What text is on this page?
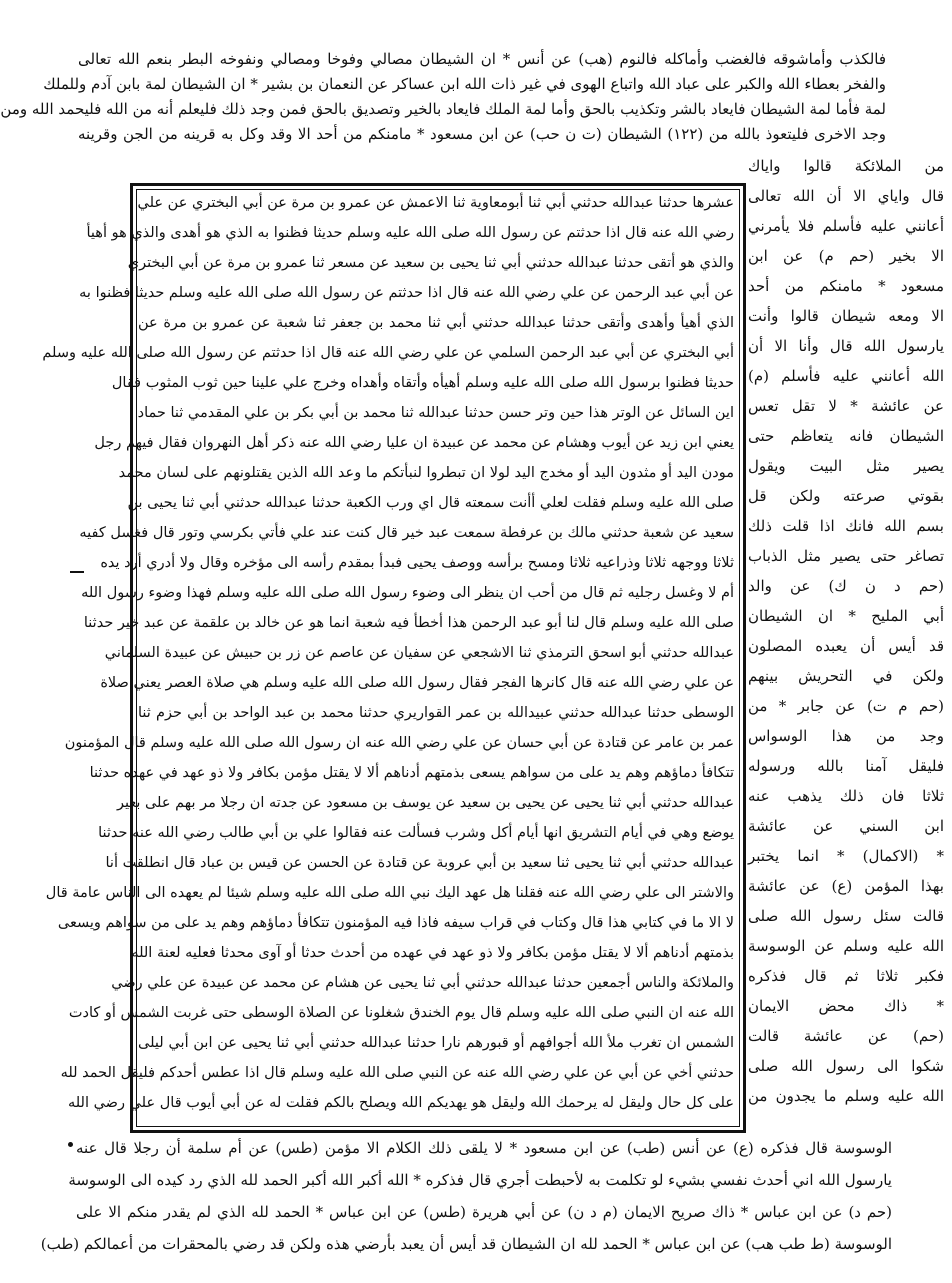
فالكذب وأماشوقه فالغضب وأماكله فالنوم (هب) عن أنس * ان الشيطان مصالي وفوخا ومصالي ونفوخه البطر بنعم الله تعالى
والفخر بعطاء الله والكبر على عباد الله واتباع الهوى في غير ذات الله ابن عساكر عن النعمان بن بشير * ان الشيطان لمة بابن آدم وللملك
لمة فأما لمة الشيطان فايعاد بالشر وتكذيب بالحق وأما لمة الملك فايعاد بالخير وتصديق بالحق فمن وجد ذلك فليعلم أنه من الله فليحمد الله ومن
وجد الاخرى فليتعوذ بالله من (١٢٢) الشيطان (ت ن حب) عن ابن مسعود * مامنكم من أحد الا وقد وكل به قرينه من الجن وقرينه
عشرها حدثنا عبدالله حدثني أبي ثنا أبومعاوية ثنا الاعمش عن عمرو بن مرة عن أبي البختري عن علي
رضي الله عنه قال اذا حدثتم عن رسول الله صلى الله عليه وسلم حديثا فظنوا به الذي هو أهدى والذي هو أهيأ
والذي هو أتقى حدثنا عبدالله حدثني أبي ثنا يحيى بن سعيد عن مسعر ثنا عمرو بن مرة عن أبي البختري
عن أبي عبد الرحمن عن علي رضي الله عنه قال اذا حدثتم عن رسول الله صلى الله عليه وسلم حديثا فظنوا به
الذي أهيأ وأهدى وأتقى حدثنا عبدالله حدثني أبي ثنا محمد بن جعفر ثنا شعبة عن عمرو بن مرة عن
أبي البختري عن أبي عبد الرحمن السلمي عن علي رضي الله عنه قال اذا حدثتم عن رسول الله صلى الله عليه وسلم
حديثا فظنوا برسول الله صلى الله عليه وسلم أهيأه وأتقاه وأهداه وخرج علي علينا حين ثوب المثوب فقال
اين السائل عن الوتر هذا حين وتر حسن حدثنا عبدالله ثنا محمد بن أبي بكر بن علي المقدمي ثنا حماد
يعني ابن زيد عن أيوب وهشام عن محمد عن عبيدة ان عليا رضي الله عنه ذكر أهل النهروان فقال فيهم رجل
مودن اليد أو مثدون اليد أو مخدج اليد لولا ان تبطروا لنبأتكم ما وعد الله الذين يقتلونهم على لسان محمد
صلى الله عليه وسلم فقلت لعلي أأنت سمعته قال اي ورب الكعبة حدثنا عبدالله حدثني أبي ثنا يحيى بن
سعيد عن شعبة حدثني مالك بن عرفطة سمعت عبد خير قال كنت عند علي فأتي بكرسي وتور قال فغسل كفيه
ثلاثا ووجهه ثلاثا وذراعيه ثلاثا ومسح برأسه ووصف يحيى فبدأ بمقدم رأسه الى مؤخره وقال ولا أدري أرد يده
أم لا وغسل رجليه ثم قال من أحب ان ينظر الى وضوء رسول الله صلى الله عليه وسلم فهذا وضوء رسول الله
صلى الله عليه وسلم قال لنا أبو عبد الرحمن هذا أخطأ فيه شعبة انما هو عن خالد بن علقمة عن عبد خير حدثنا
عبدالله حدثني أبو اسحق الترمذي ثنا الاشجعي عن سفيان عن عاصم عن زر بن حبيش عن عبيدة السلماني
عن علي رضي الله عنه قال كانرها الفجر فقال رسول الله صلى الله عليه وسلم هي صلاة العصر يعني صلاة
الوسطى حدثنا عبدالله حدثني عبيدالله بن عمر القواريري حدثنا محمد بن عبد الواحد بن أبي حزم ثنا
عمر بن عامر عن قتادة عن أبي حسان عن علي رضي الله عنه ان رسول الله صلى الله عليه وسلم قال المؤمنون
تتكافأ دماؤهم وهم يد على من سواهم يسعى بذمتهم أدناهم ألا لا يقتل مؤمن بكافر ولا ذو عهد في عهده حدثنا
عبدالله حدثني أبي ثنا يحيى عن يحيى بن سعيد عن يوسف بن مسعود عن جدته ان رجلا مر بهم على بعير
يوضع وهي في أيام التشريق انها أيام أكل وشرب فسألت عنه فقالوا علي بن أبي طالب رضي الله عنه حدثنا
عبدالله حدثني أبي ثنا يحيى ثنا سعيد بن أبي عروبة عن قتادة عن الحسن عن قيس بن عباد قال انطلقت أنا
والاشتر الى علي رضي الله عنه فقلنا هل عهد اليك نبي الله صلى الله عليه وسلم شيئا لم يعهده الى الناس عامة قال
لا الا ما في كتابي هذا قال وكتاب في قراب سيفه فاذا فيه المؤمنون تتكافأ دماؤهم وهم يد على من سواهم ويسعى
بذمتهم أدناهم ألا لا يقتل مؤمن بكافر ولا ذو عهد في عهده من أحدث حدثا أو آوى محدثا فعليه لعنة الله
والملائكة والناس أجمعين حدثنا عبدالله حدثني أبي ثنا يحيى عن هشام عن محمد عن عبيدة عن علي رضي
الله عنه ان النبي صلى الله عليه وسلم قال يوم الخندق شغلونا عن الصلاة الوسطى حتى غربت الشمس أو كادت
الشمس ان تغرب ملأ الله أجوافهم أو قبورهم نارا حدثنا عبدالله حدثني أبي ثنا يحيى عن ابن أبي ليلى
حدثني أخي عن أبي عن علي رضي الله عنه عن النبي صلى الله عليه وسلم قال اذا عطس أحدكم فليقل الحمد لله
على كل حال وليقل له يرحمك الله وليقل هو يهديكم الله ويصلح بالكم فقلت له عن أبي أيوب قال علي رضي الله
من الملائكة قالوا واياك
قال واياي الا أن الله تعالى
أعانني عليه فأسلم فلا يأمرني
الا بخير (حم م) عن ابن
مسعود * مامنكم من أحد
الا ومعه شيطان قالوا وأنت
يارسول الله قال وأنا الا أن
الله أعانني عليه فأسلم (م)
عن عائشة * لا تقل تعس
الشيطان فانه يتعاظم حتى
يصير مثل البيت ويقول
بقوتي صرعته ولكن قل
بسم الله فانك اذا قلت ذلك
تصاغر حتى يصير مثل الذباب
(حم د ن ك) عن والد
أبي المليح * ان الشيطان
قد أيس أن يعبده المصلون
ولكن في التحريش بينهم
(حم م ت) عن جابر * من
وجد من هذا الوسواس
فليقل آمنا بالله ورسوله
ثلاثا فان ذلك يذهب عنه
ابن السني عن عائشة
* (الاكمال) * انما يختبر
بهذا المؤمن (ع) عن عائشة
قالت سئل رسول الله صلى
الله عليه وسلم عن الوسوسة
فكبر ثلاثا ثم قال فذكره
* ذاك محض الايمان
(حم) عن عائشة قالت
شكوا الى رسول الله صلى
الله عليه وسلم ما يجدون من
الوسوسة قال فذكره (ع) عن أنس (طب) عن ابن مسعود * لا يلقى ذلك الكلام الا مؤمن (طس) عن أم سلمة أن رجلا قال عنه
يارسول الله اني أحدث نفسي بشيء لو تكلمت به لأحبطت أجري قال فذكره * الله أكبر الله أكبر الحمد لله الذي رد كيده الى الوسوسة
(حم د) عن ابن عباس * ذاك صريح الايمان (م د ن) عن أبي هريرة (طس) عن ابن عباس * الحمد لله الذي لم يقدر منكم الا على
الوسوسة (ط طب هب) عن ابن عباس * الحمد لله ان الشيطان قد أيس أن يعبد بأرضي هذه ولكن قد رضي بالمحقرات من أعمالكم (طب)
